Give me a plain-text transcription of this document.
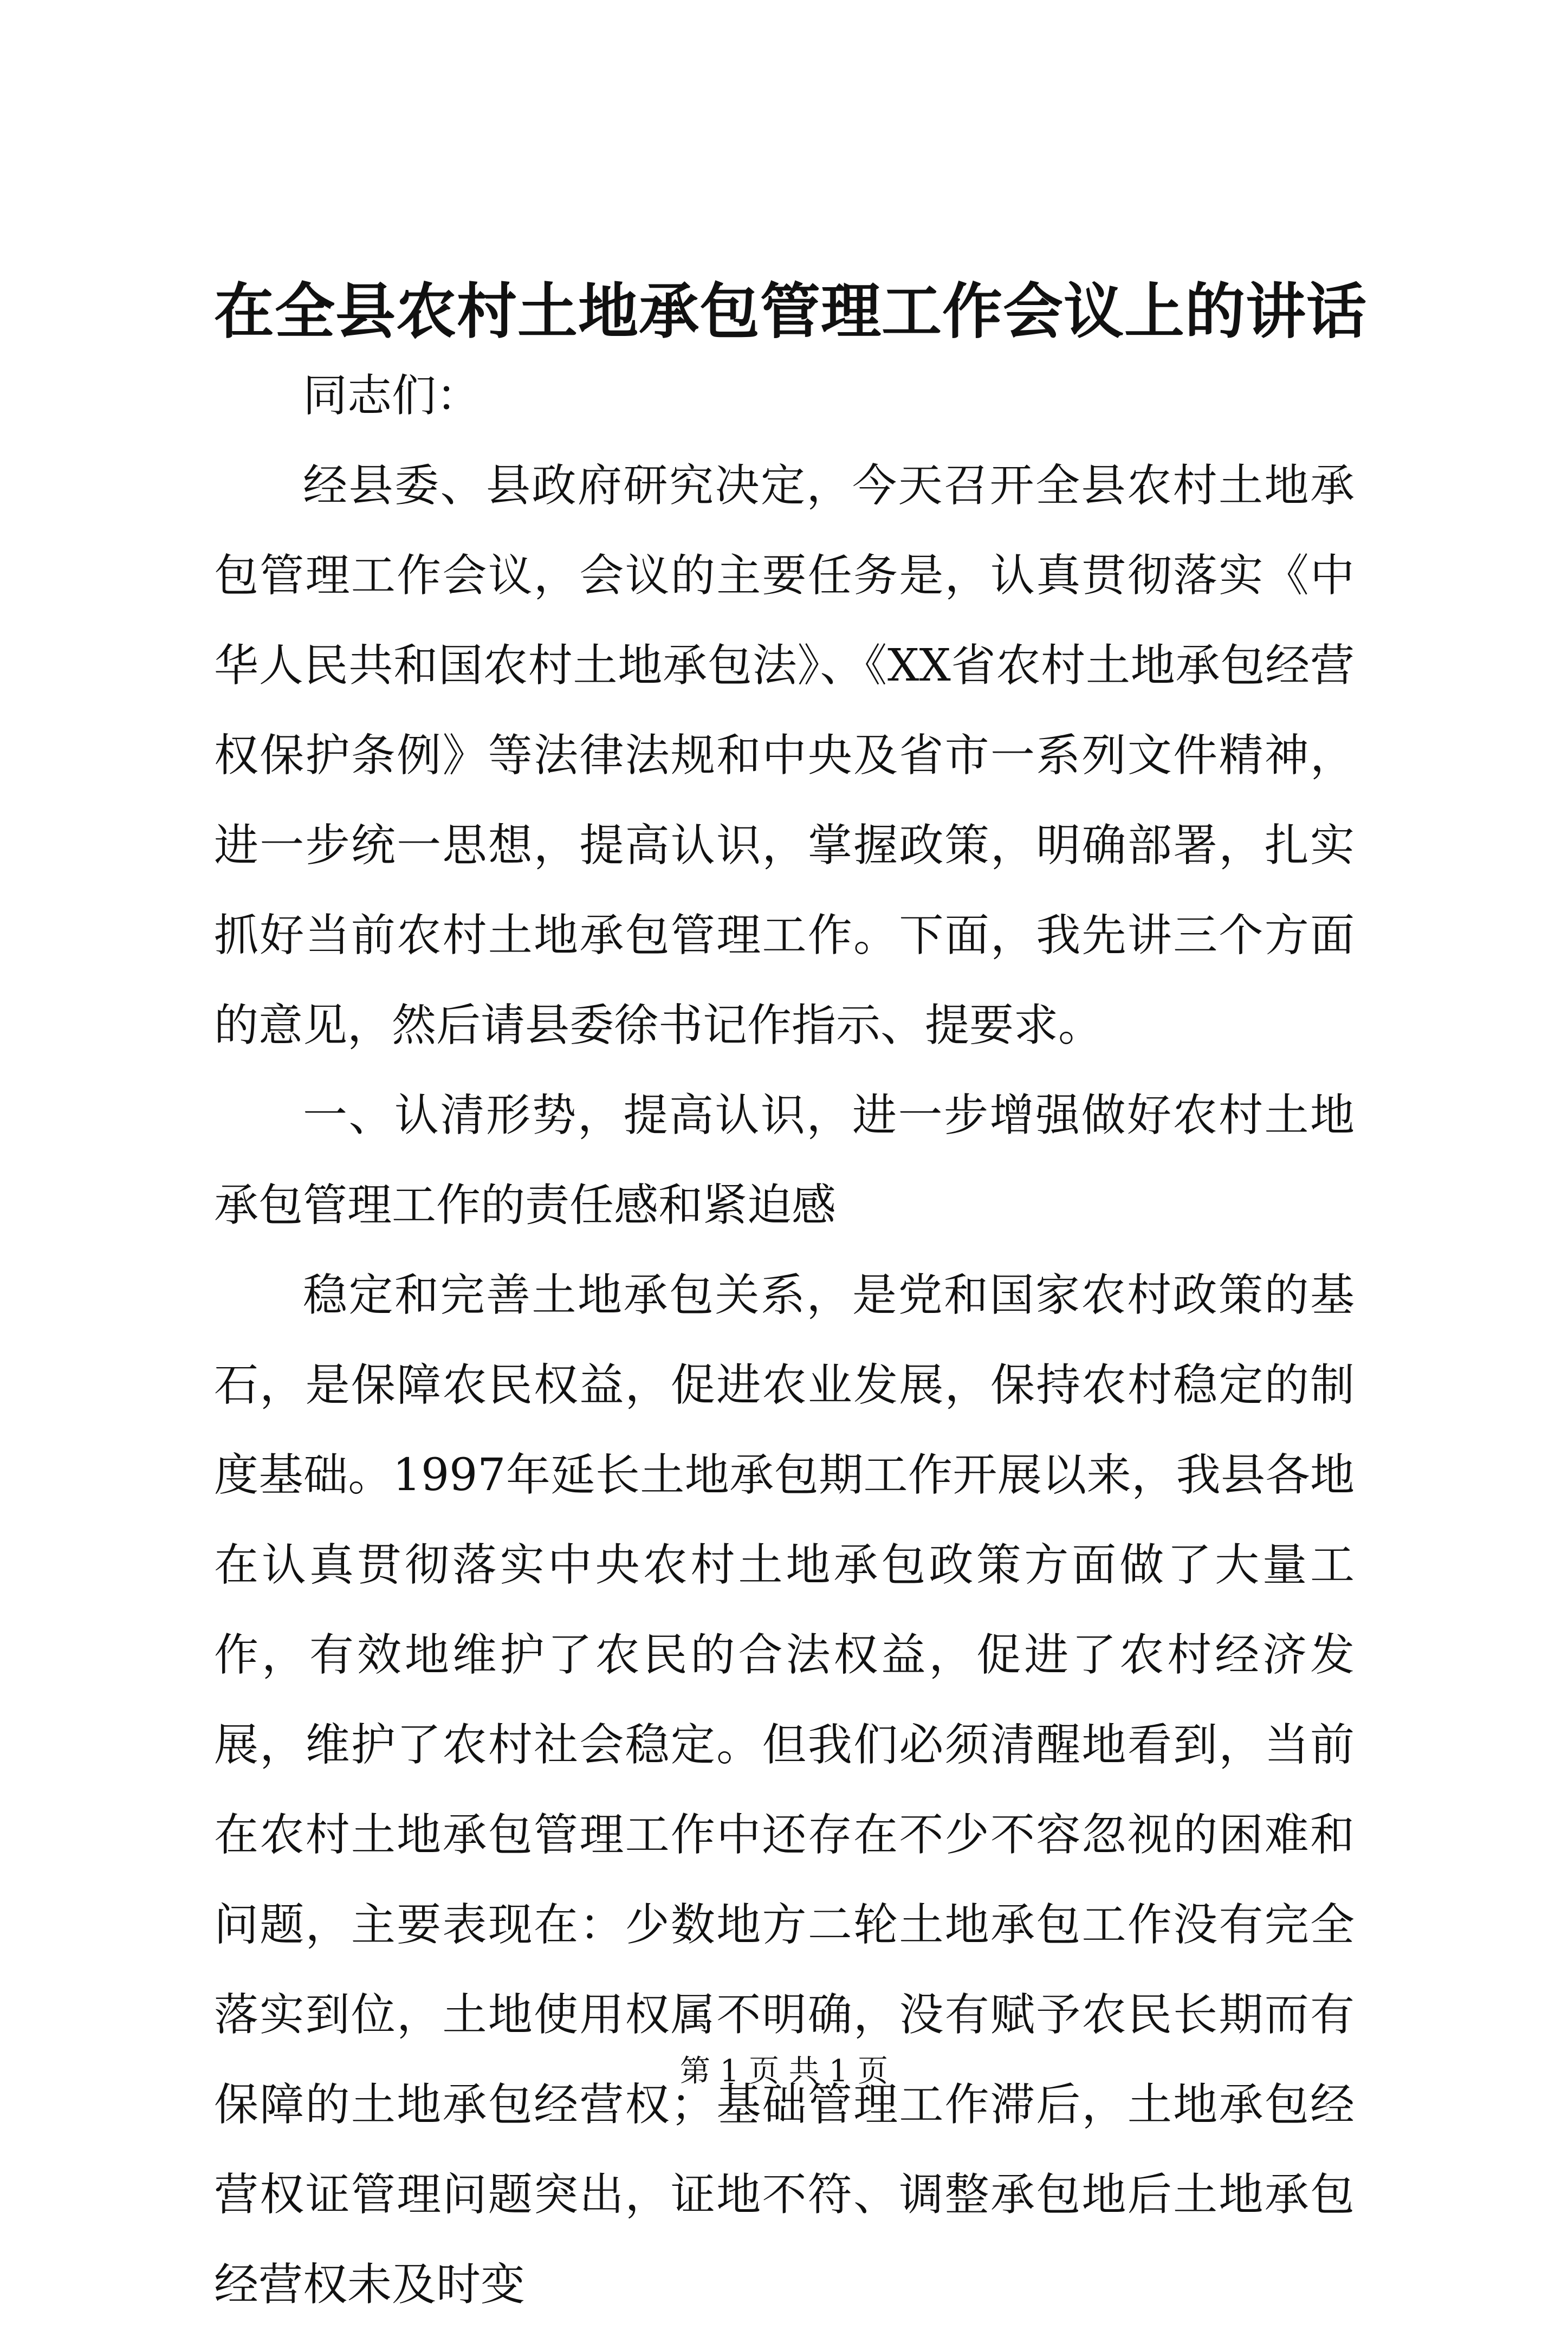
在全县农村土地承包管理工作会议上的讲话

同志们：

经县委、县政府研究决定，今天召开全县农村土地承包管理工作会议，会议的主要任务是，认真贯彻落实《中华人民共和国农村土地承包法》、《XX省农村土地承包经营权保护条例》等法律法规和中央及省市一系列文件精神，进一步统一思想，提高认识，掌握政策，明确部署，扎实抓好当前农村土地承包管理工作。下面，我先讲三个方面的意见，然后请县委徐书记作指示、提要求。

一、认清形势，提高认识，进一步增强做好农村土地承包管理工作的责任感和紧迫感

稳定和完善土地承包关系，是党和国家农村政策的基石，是保障农民权益，促进农业发展，保持农村稳定的制度基础。1997年延长土地承包期工作开展以来，我县各地在认真贯彻落实中央农村土地承包政策方面做了大量工作，有效地维护了农民的合法权益，促进了农村经济发展，维护了农村社会稳定。但我们必须清醒地看到，当前在农村土地承包管理工作中还存在不少不容忽视的困难和问题，主要表现在：少数地方二轮土地承包工作没有完全落实到位，土地使用权属不明确，没有赋予农民长期而有保障的土地承包经营权；基础管理工作滞后，土地承包经营权证管理问题突出，证地不符、调整承包地后土地承包经营权未及时变

第 1 页 共 1 页
